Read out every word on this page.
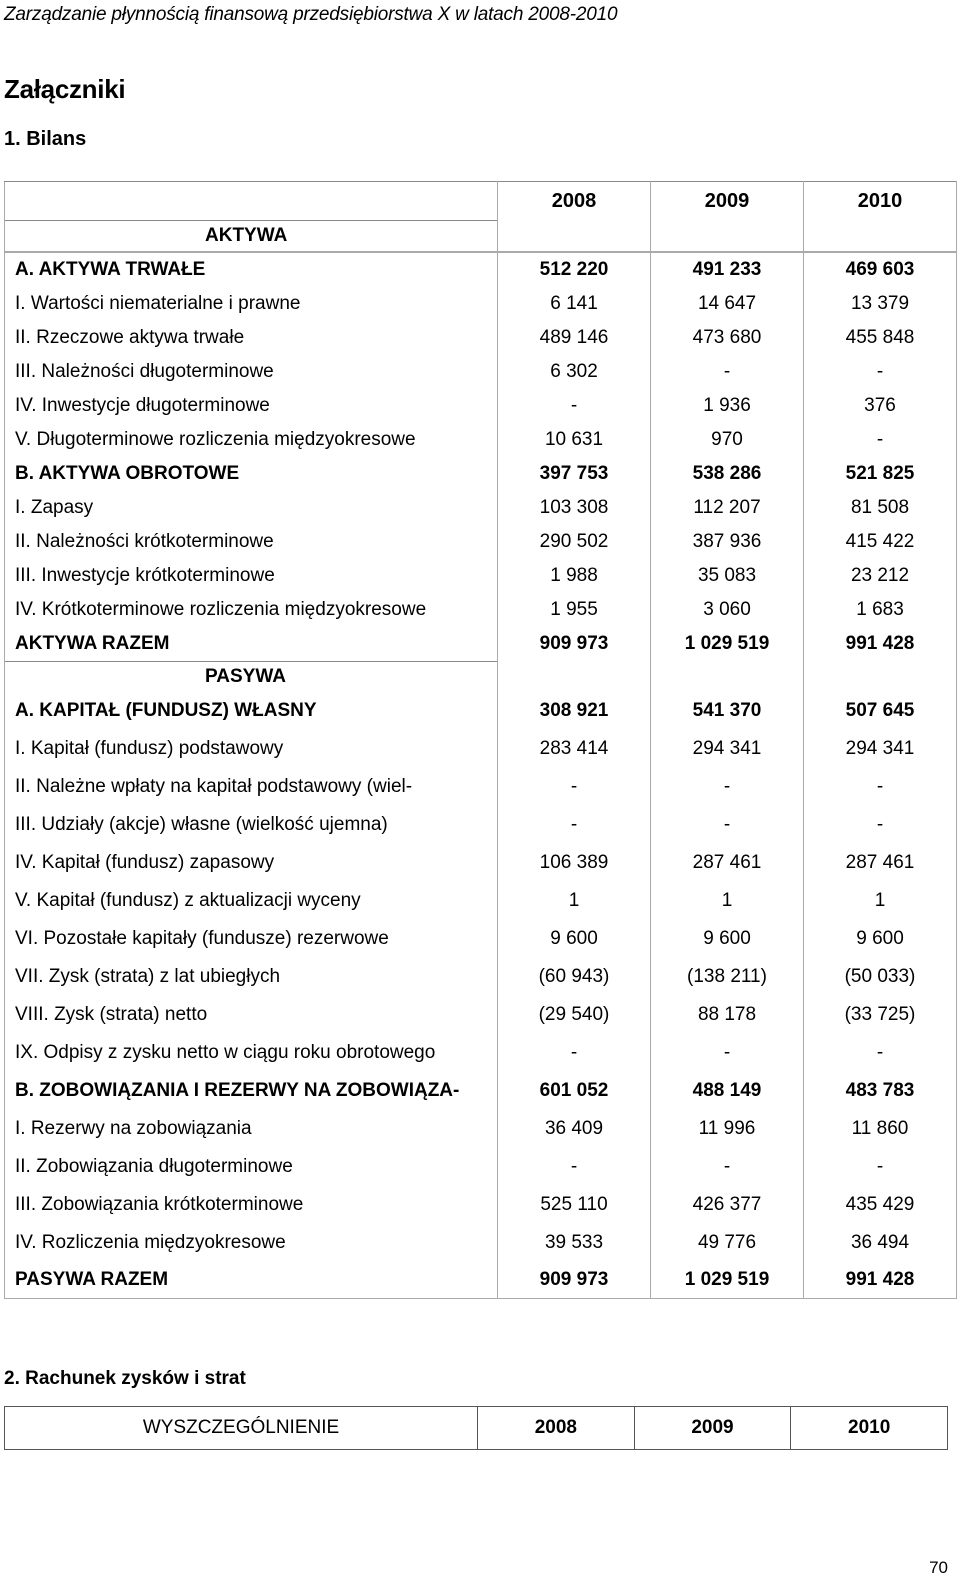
Zarządzanie płynnością finansową przedsiębiorstwa X w latach 2008-2010
Załączniki
1. Bilans
	2008	2009	2010
AKTYWA			
A. AKTYWA TRWAŁE	512 220	491 233	469 603
I. Wartości niematerialne i prawne	6 141	14 647	13 379
II. Rzeczowe aktywa trwałe	489 146	473 680	455 848
III. Należności długoterminowe	6 302	-	-
IV. Inwestycje długoterminowe	-	1 936	376
V. Długoterminowe rozliczenia międzyokresowe	10 631	970	-
B. AKTYWA OBROTOWE	397 753	538 286	521 825
I. Zapasy	103 308	112 207	81 508
II. Należności krótkoterminowe	290 502	387 936	415 422
III. Inwestycje krótkoterminowe	1 988	35 083	23 212
IV. Krótkoterminowe rozliczenia międzyokresowe	1 955	3 060	1 683
AKTYWA RAZEM	909 973	1 029 519	991 428
PASYWA			
A. KAPITAŁ (FUNDUSZ) WŁASNY	308 921	541 370	507 645
I. Kapitał (fundusz) podstawowy	283 414	294 341	294 341
II. Należne wpłaty na kapitał podstawowy (wiel-	-	-	-
III. Udziały (akcje) własne (wielkość ujemna)	-	-	-
IV. Kapitał (fundusz) zapasowy	106 389	287 461	287 461
V. Kapitał (fundusz) z aktualizacji wyceny	1	1	1
VI. Pozostałe kapitały (fundusze) rezerwowe	9 600	9 600	9 600
VII. Zysk (strata) z lat ubiegłych	(60 943)	(138 211)	(50 033)
VIII. Zysk (strata) netto	(29 540)	88 178	(33 725)
IX. Odpisy z zysku netto w ciągu roku obrotowego	-	-	-
B. ZOBOWIĄZANIA I REZERWY NA ZOBOWIĄZA-	601 052	488 149	483 783
I. Rezerwy na zobowiązania	36 409	11 996	11 860
II. Zobowiązania długoterminowe	-	-	-
III. Zobowiązania krótkoterminowe	525 110	426 377	435 429
IV. Rozliczenia międzyokresowe	39 533	49 776	36 494
PASYWA RAZEM	909 973	1 029 519	991 428
2. Rachunek zysków i strat
WYSZCZEGÓLNIENIE	2008	2009	2010
70
